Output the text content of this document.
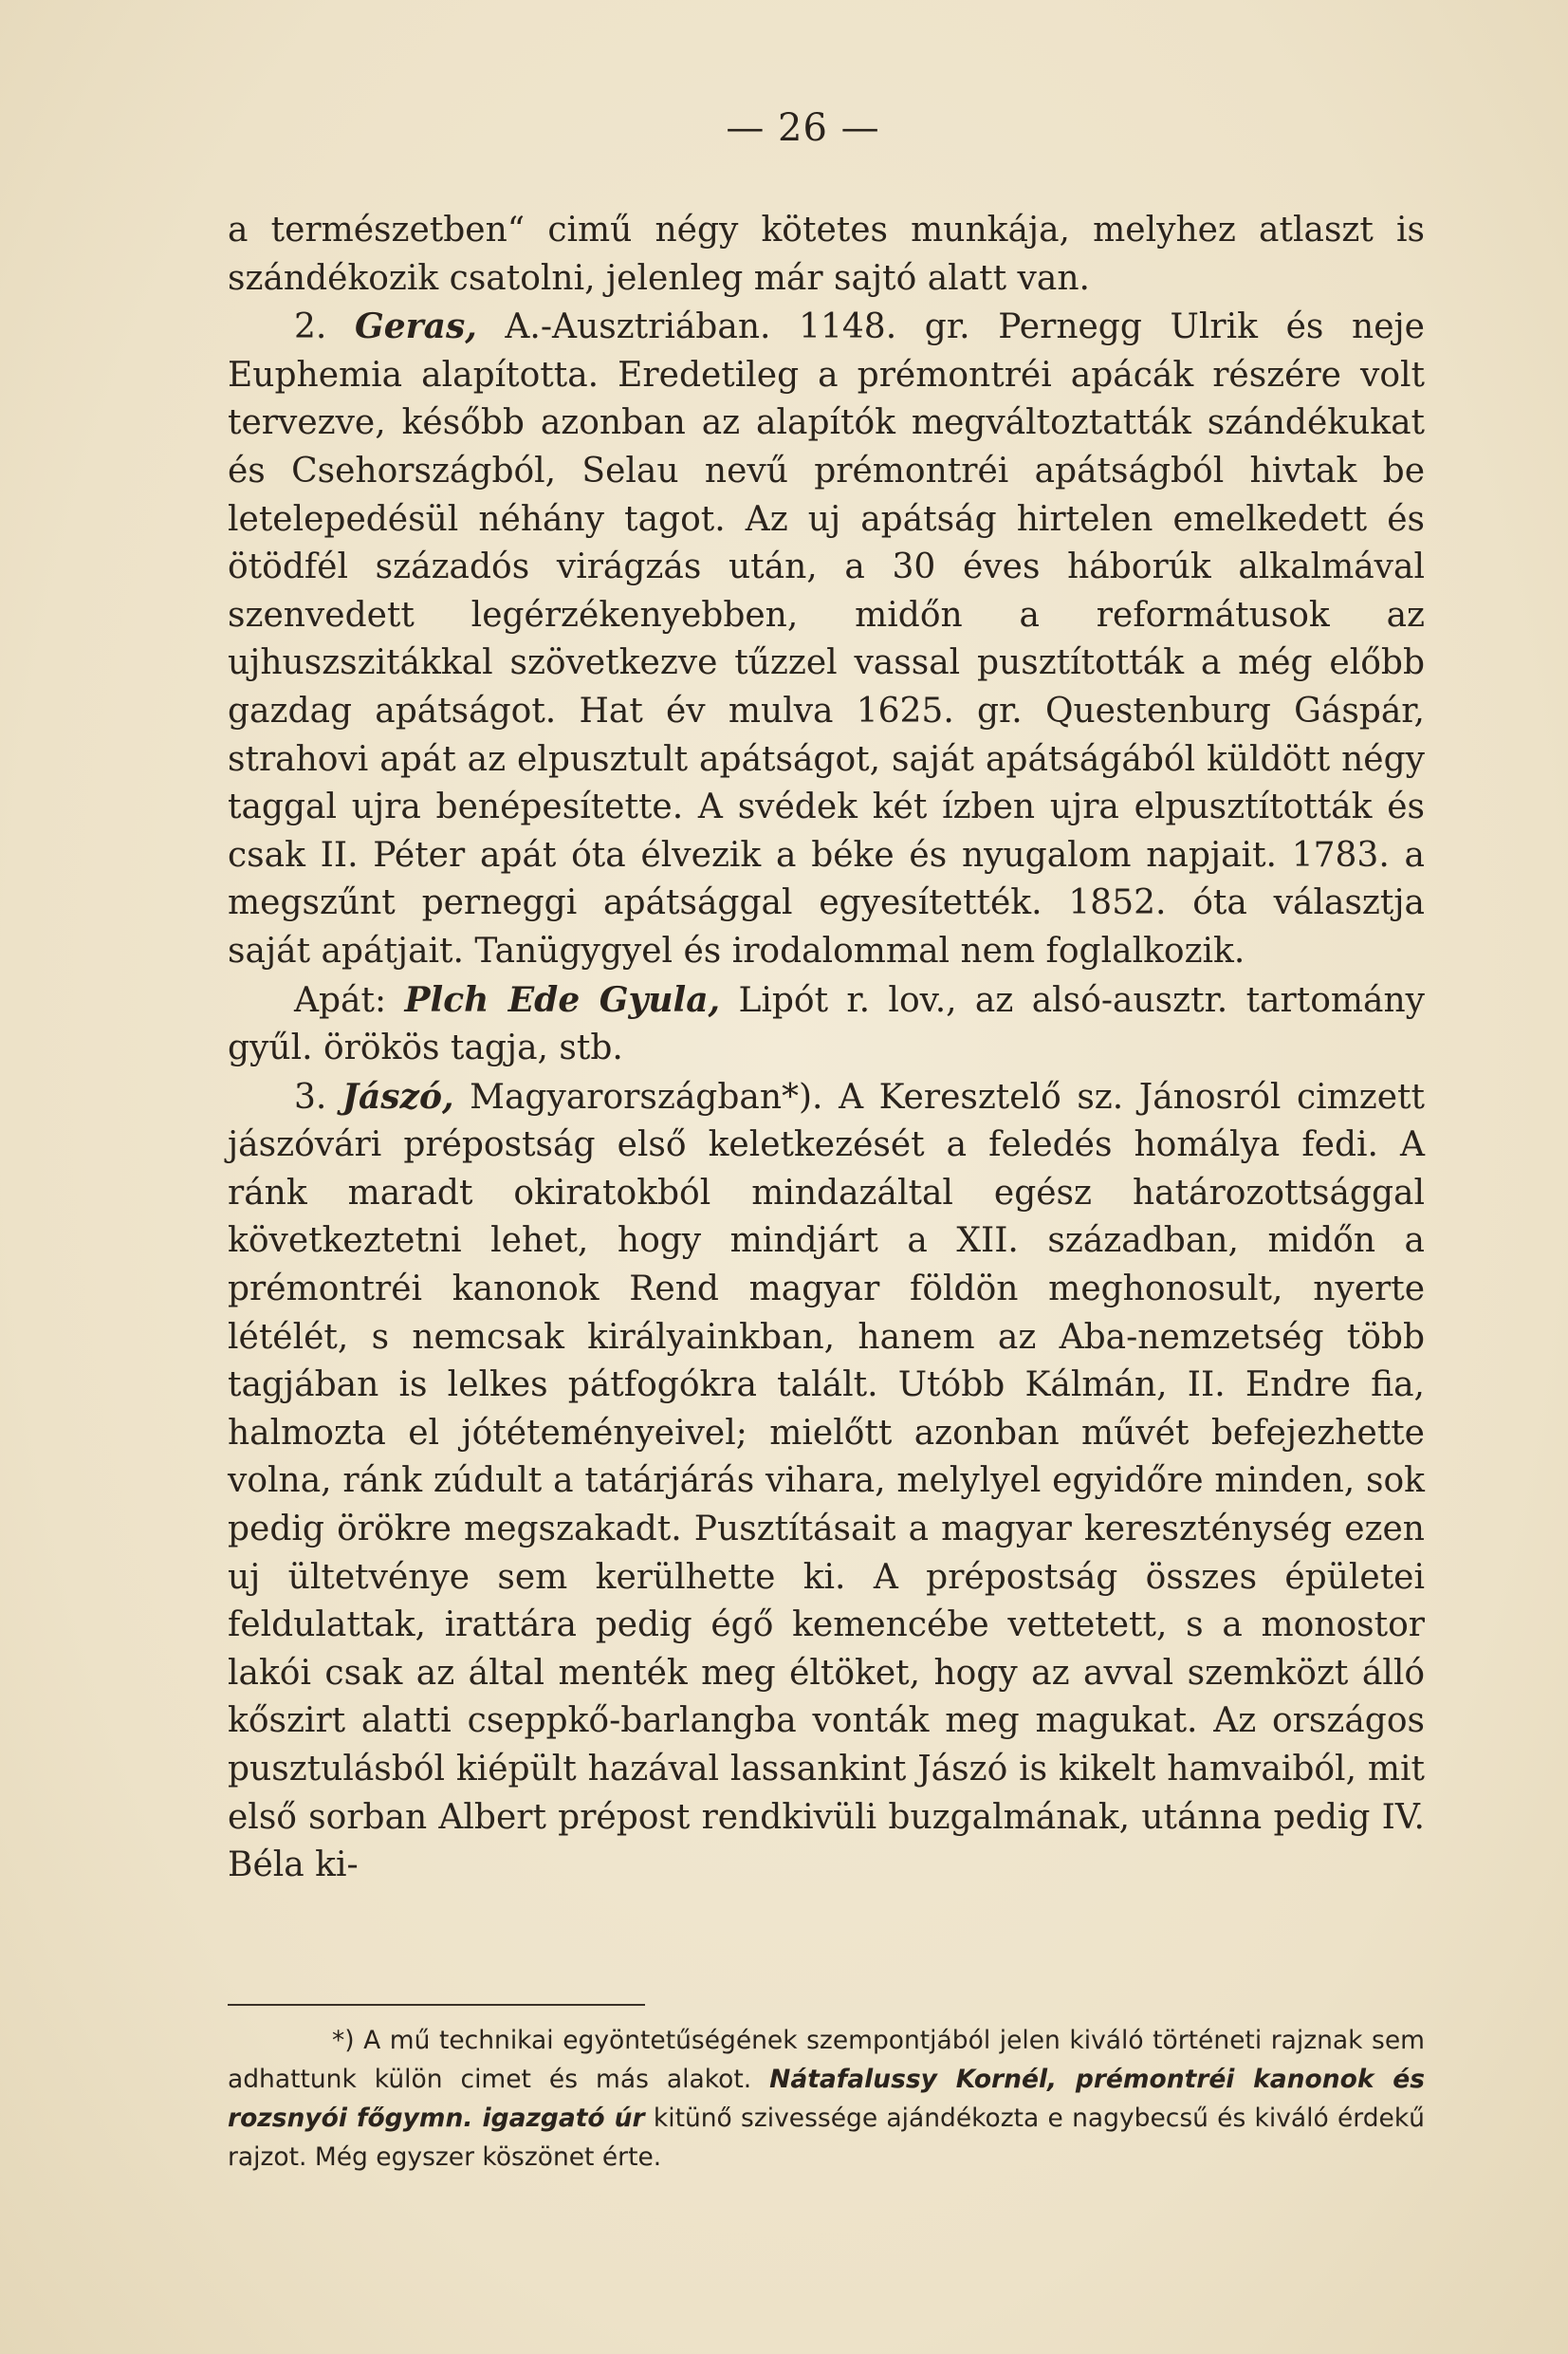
— 26 —

a természetben“ cimű négy kötetes munkája, melyhez atlaszt is szándékozik csatolni, jelenleg már sajtó alatt van.

2. Geras, A.-Ausztriában. 1148. gr. Pernegg Ulrik és neje Euphemia alapította. Eredetileg a prémontréi apácák részére volt tervezve, később azonban az alapítók megváltoztatták szándékukat és Csehországból, Selau nevű prémontréi apátságból hivtak be letelepedésül néhány tagot. Az uj apátság hirtelen emelkedett és ötödfél századós virágzás után, a 30 éves háborúk alkalmával szenvedett legérzékenyebben, midőn a reformátusok az ujhuszszitákkal szövetkezve tűzzel vassal pusztították a még előbb gazdag apátságot. Hat év mulva 1625. gr. Questenburg Gáspár, strahovi apát az elpusztult apátságot, saját apátságából küldött négy taggal ujra benépesítette. A svédek két ízben ujra elpusztították és csak II. Péter apát óta élvezik a béke és nyugalom napjait. 1783. a megszűnt perneggi apátsággal egyesítették. 1852. óta választja saját apátjait. Tanügygyel és irodalommal nem foglalkozik.

Apát: Plch Ede Gyula, Lipót r. lov., az alsó-ausztr. tartomány gyűl. örökös tagja, stb.

3. Jászó, Magyarországban*). A Keresztelő sz. Jánosról cimzett jászóvári prépostság első keletkezését a feledés homálya fedi. A ránk maradt okiratokból mindazáltal egész határozottsággal következtetni lehet, hogy mindjárt a XII. században, midőn a prémontréi kanonok Rend magyar földön meghonosult, nyerte létélét, s nemcsak királyainkban, hanem az Aba-nemzetség több tagjában is lelkes pátfogókra talált. Utóbb Kálmán, II. Endre fia, halmozta el jótéteményeivel; mielőtt azonban művét befejezhette volna, ránk zúdult a tatárjárás vihara, melylyel egyidőre minden, sok pedig örökre megszakadt. Pusztításait a magyar kereszténység ezen uj ültetvénye sem kerülhette ki. A prépostság összes épületei feldulattak, irattára pedig égő kemencébe vettetett, s a monostor lakói csak az által menték meg éltöket, hogy az avval szemközt álló kőszirt alatti cseppkő-barlangba vonták meg magukat. Az országos pusztulásból kiépült hazával lassankint Jászó is kikelt hamvaiból, mit első sorban Albert prépost rendkivüli buzgalmának, utánna pedig IV. Béla ki-

*) A mű technikai egyöntetűségének szempontjából jelen kiváló történeti rajznak sem adhattunk külön cimet és más alakot. Nátafalussy Kornél, prémontréi kanonok és rozsnyói főgymn. igazgató úr kitünő szivessége ajándékozta e nagybecsű és kiváló érdekű rajzot. Még egyszer köszönet érte.
